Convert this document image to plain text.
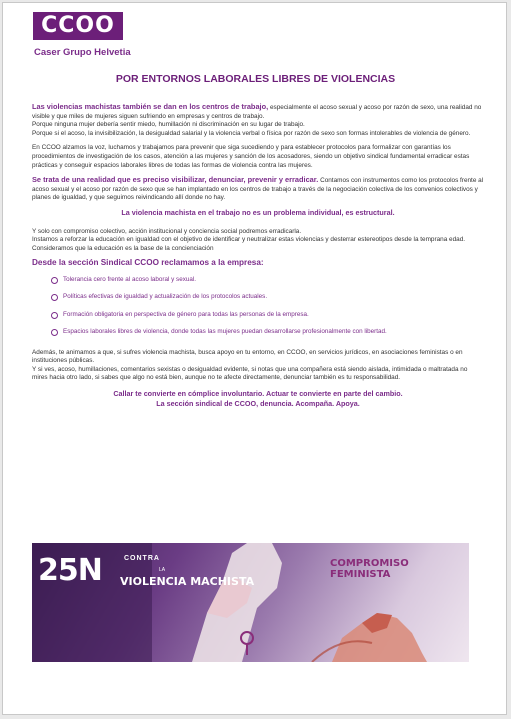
CCOO
Caser Grupo Helvetia
POR ENTORNOS LABORALES LIBRES DE VIOLENCIAS

Las violencias machistas también se dan en los centros de trabajo, especialmente el acoso sexual y acoso por razón de sexo, una realidad no visible y que miles de mujeres siguen sufriendo en empresas y centros de trabajo.
Porque ninguna mujer debería sentir miedo, humillación ni discriminación en su lugar de trabajo.
Porque si el acoso, la invisibilización, la desigualdad salarial y la violencia verbal o física por razón de sexo son formas intolerables de violencia de género.

En CCOO alzamos la voz, luchamos y trabajamos para prevenir que siga sucediendo y para establecer protocolos para formalizar con garantías los procedimientos de investigación de los casos, atención a las mujeres y sanción de los acosadores, siendo un objetivo sindical fundamental erradicar estas prácticas y conseguir espacios laborales libres de todas las formas de violencia contra las mujeres.

Se trata de una realidad que es preciso visibilizar, denunciar, prevenir y erradicar. Contamos con instrumentos como los protocolos frente al acoso sexual y el acoso por razón de sexo que se han implantado en los centros de trabajo a través de la negociación colectiva de los convenios colectivos y planes de igualdad, y que seguimos reivindicando allí donde no hay.

La violencia machista en el trabajo no es un problema individual, es estructural.

Y solo con compromiso colectivo, acción institucional y conciencia social podremos erradicarla.
Instamos a reforzar la educación en igualdad con el objetivo de identificar y neutralizar estas violencias y desterrar estereotipos desde la temprana edad. Consideramos que la educación es la base de la concienciación

Desde la sección Sindical CCOO reclamamos a la empresa:
Tolerancia cero frente al acoso laboral y sexual.
Políticas efectivas de igualdad y actualización de los protocolos actuales.
Formación obligatoria en perspectiva de género para todas las personas de la empresa.
Espacios laborales libres de violencia, donde todas las mujeres puedan desarrollarse profesionalmente con libertad.

Además, te animamos a que, si sufres violencia machista, busca apoyo en tu entorno, en CCOO, en servicios jurídicos, en asociaciones feministas o en instituciones públicas.
Y si ves, acoso, humillaciones, comentarios sexistas o desigualdad evidente, si notas que una compañera está siendo aislada, intimidada o maltratada no mires hacia otro lado, si sabes que algo no está bien, aunque no te afecte directamente, denunciar también es tu responsabilidad.

Callar te convierte en cómplice involuntario. Actuar te convierte en parte del cambio.
La sección sindical de CCOO, denuncia. Acompaña. Apoya.

25N	CONTRA
LA
VIOLENCIA MACHISTA
COMPROMISO FEMINISTA
